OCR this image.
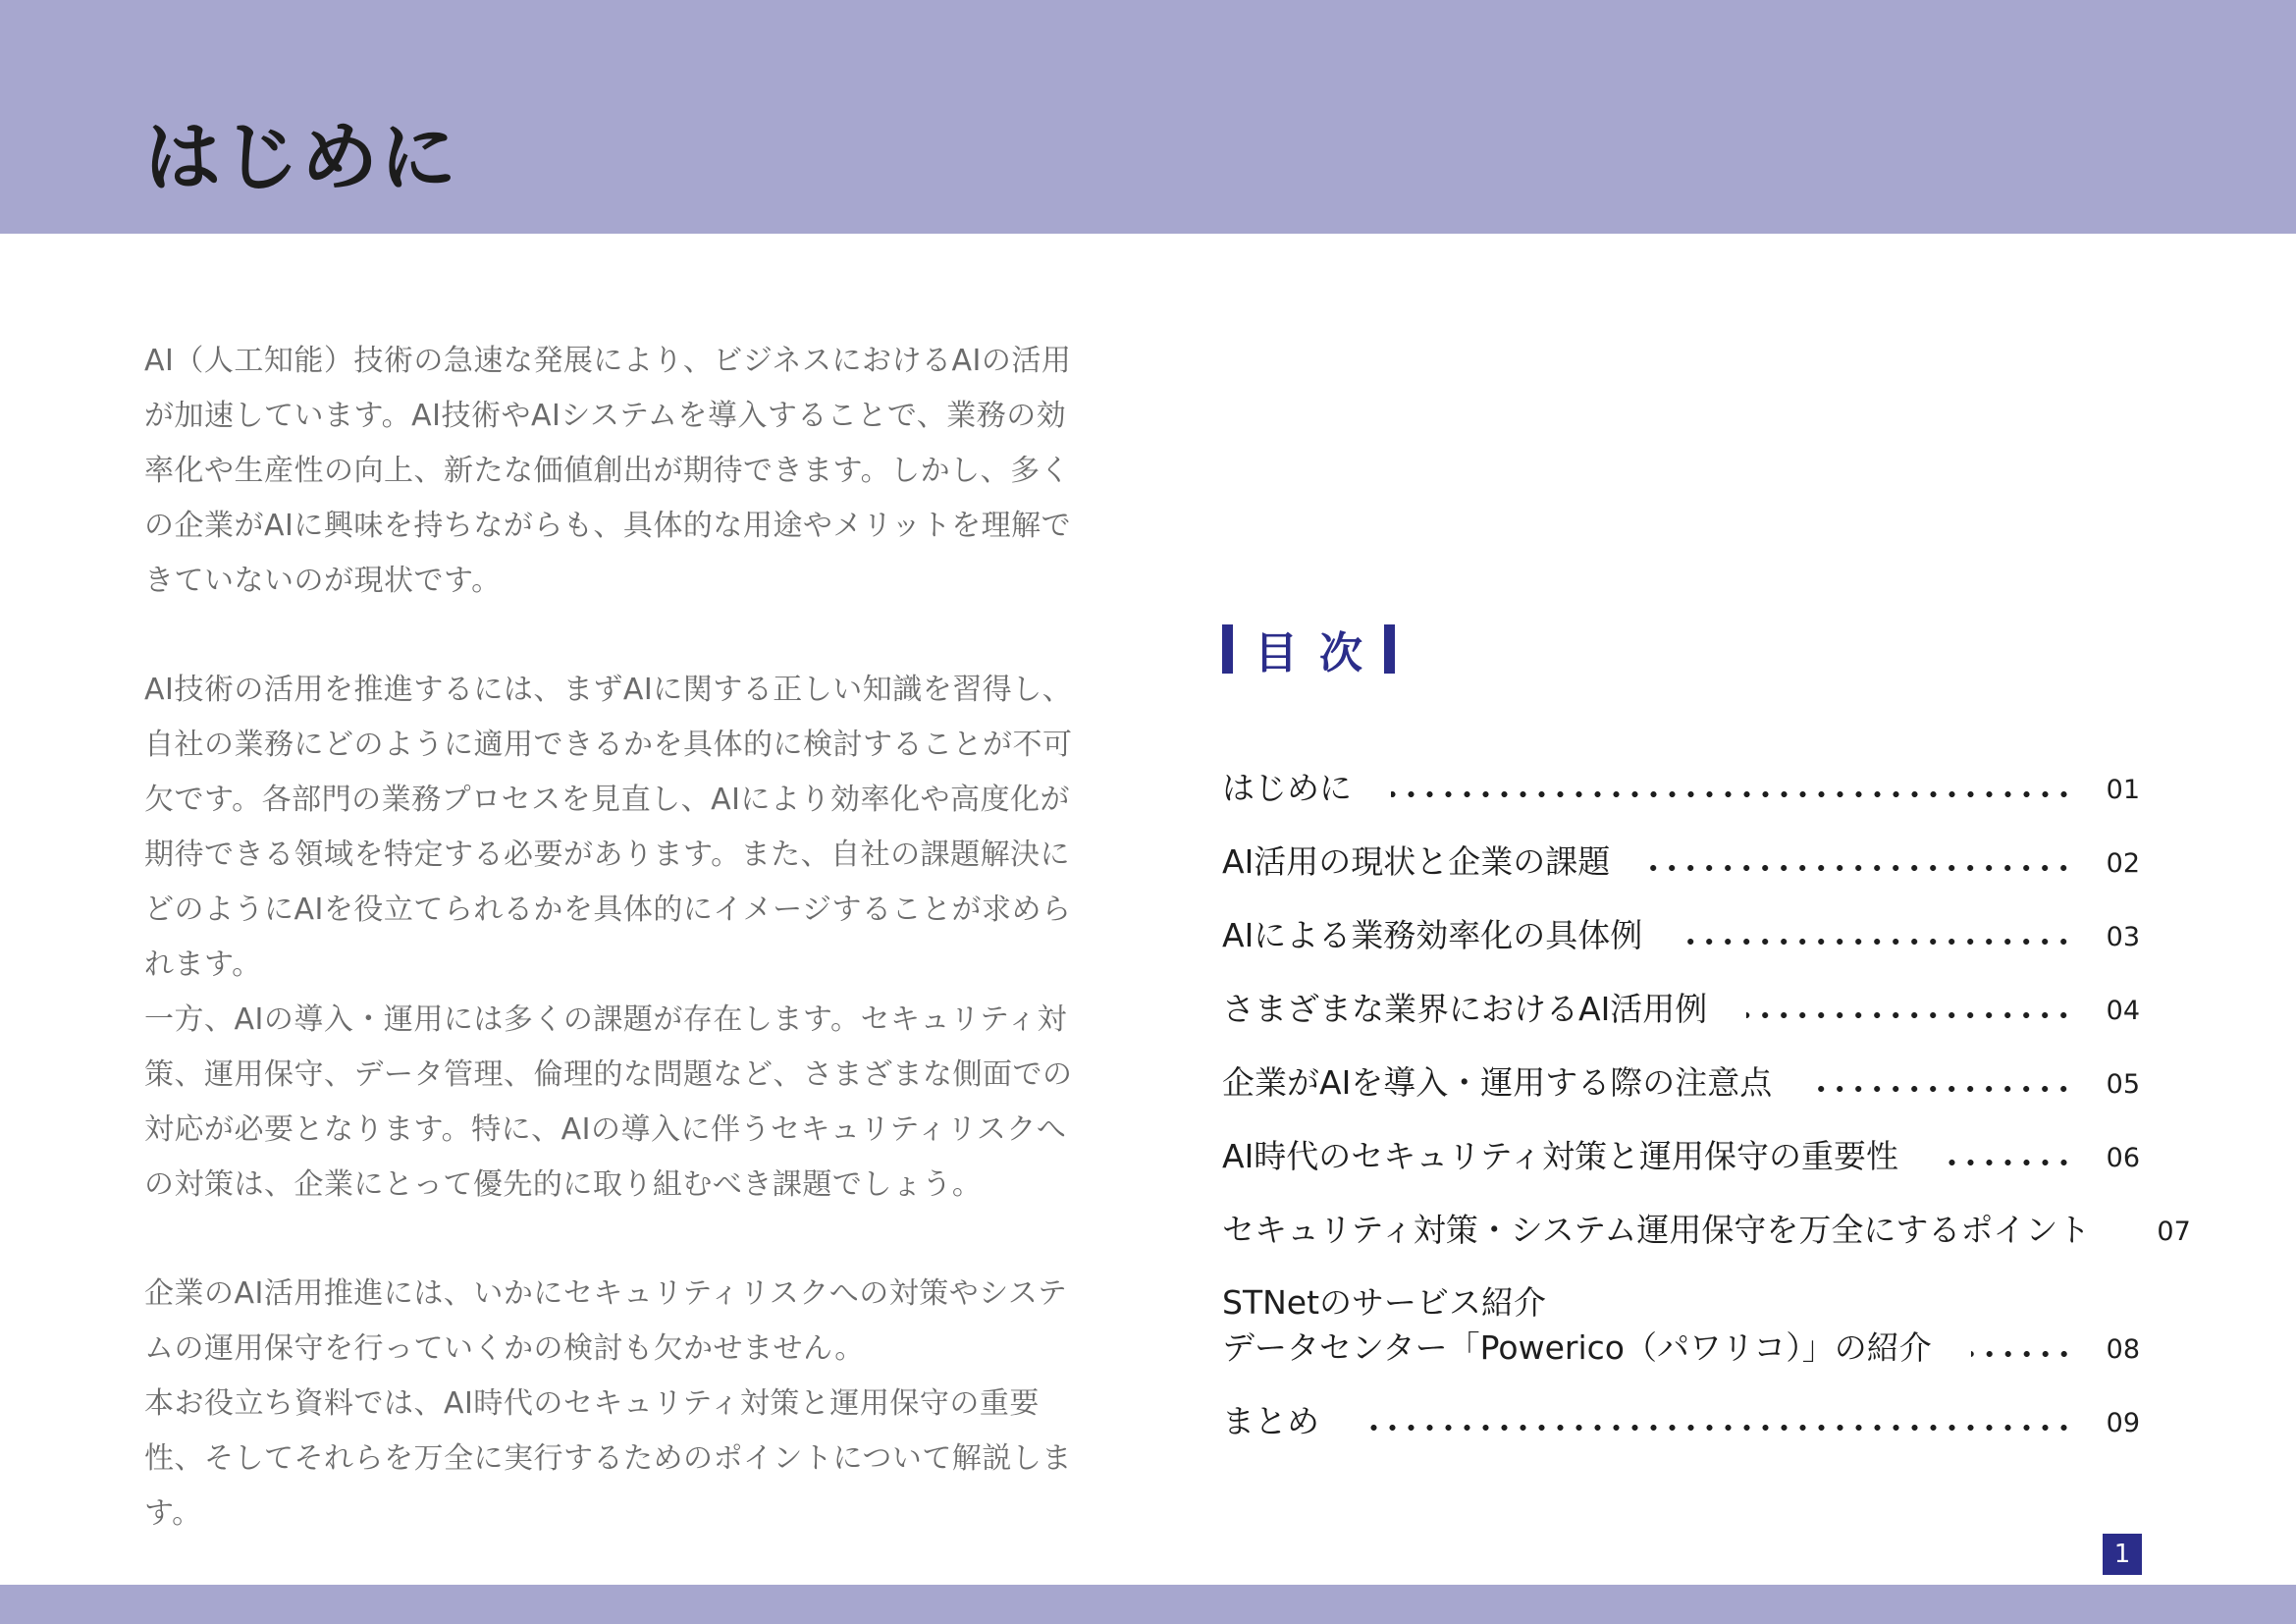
はじめに

AI（人工知能）技術の急速な発展により、ビジネスにおけるAIの活用が加速しています。AI技術やAIシステムを導入することで、業務の効率化や生産性の向上、新たな価値創出が期待できます。しかし、多くの企業がAIに興味を持ちながらも、具体的な用途やメリットを理解できていないのが現状です。

AI技術の活用を推進するには、まずAIに関する正しい知識を習得し、自社の業務にどのように適用できるかを具体的に検討することが不可欠です。各部門の業務プロセスを見直し、AIにより効率化や高度化が期待できる領域を特定する必要があります。また、自社の課題解決にどのようにAIを役立てられるかを具体的にイメージすることが求められます。

一方、AIの導入・運用には多くの課題が存在します。セキュリティ対策、運用保守、データ管理、倫理的な問題など、さまざまな側面での対応が必要となります。特に、AIの導入に伴うセキュリティリスクへの対策は、企業にとって優先的に取り組むべき課題でしょう。

企業のAI活用推進には、いかにセキュリティリスクへの対策やシステムの運用保守を行っていくかの検討も欠かせません。

本お役立ち資料では、AI時代のセキュリティ対策と運用保守の重要性、そしてそれらを万全に実行するためのポイントについて解説します。

目次
はじめに	01
AI活用の現状と企業の課題	02
AIによる業務効率化の具体例	03
さまざまな業界におけるAI活用例	04
企業がAIを導入・運用する際の注意点	05
AI時代のセキュリティ対策と運用保守の重要性	06
セキュリティ対策・システム運用保守を万全にするポイント	07
STNetのサービス紹介
データセンター「Powerico（パワリコ）」の紹介	08
まとめ	09
1
